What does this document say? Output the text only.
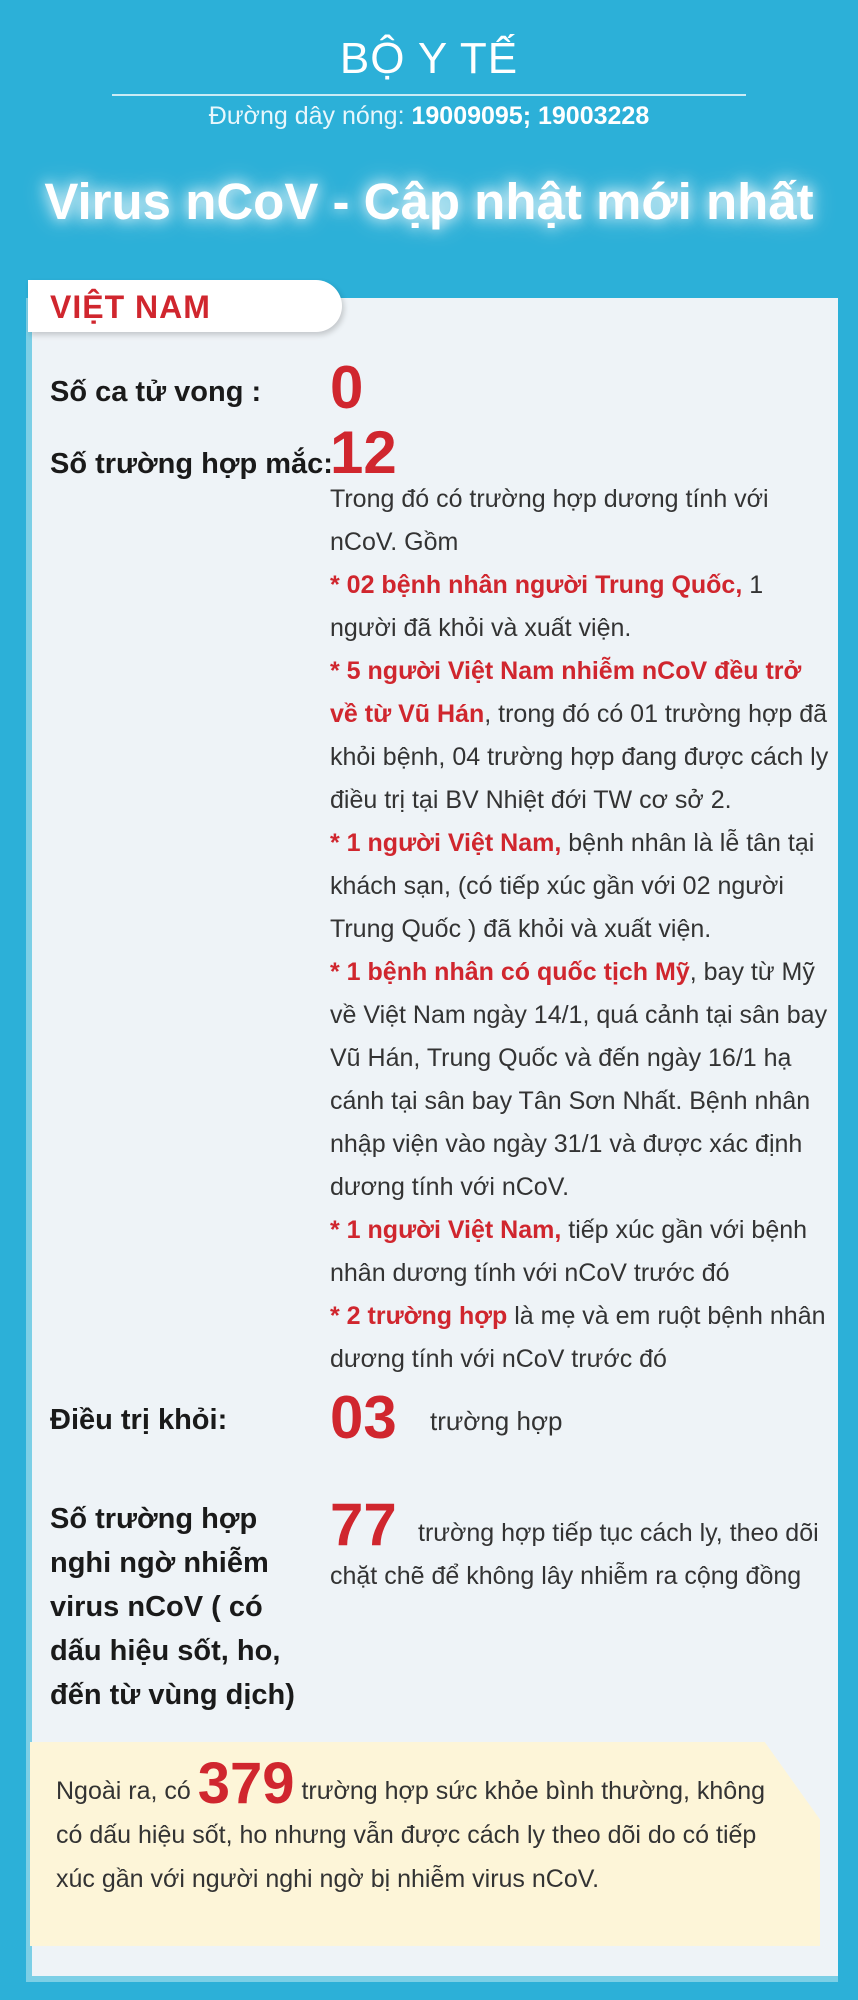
BỘ Y TẾ
Đường dây nóng: 19009095; 19003228
Virus nCoV - Cập nhật mới nhất
VIỆT NAM
Số ca tử vong : 0
Số trường hợp mắc:
12
Trong đó có trường hợp dương tính với nCoV. Gồm
* 02 bệnh nhân người Trung Quốc, 1 người đã khỏi và xuất viện.
* 5 người Việt Nam nhiễm nCoV đều trở về từ Vũ Hán, trong đó có 01 trường hợp đã khỏi bệnh, 04 trường hợp đang được cách ly điều trị tại BV Nhiệt đới TW cơ sở 2.
* 1 người Việt Nam, bệnh nhân là lễ tân tại khách sạn, (có tiếp xúc gần với 02 người Trung Quốc ) đã khỏi và xuất viện.
* 1 bệnh nhân có quốc tịch Mỹ, bay từ Mỹ về Việt Nam ngày 14/1, quá cảnh tại sân bay Vũ Hán, Trung Quốc và đến ngày 16/1 hạ cánh tại sân bay Tân Sơn Nhất. Bệnh nhân nhập viện vào ngày 31/1 và được xác định dương tính với nCoV.
* 1 người Việt Nam, tiếp xúc gần với bệnh nhân dương tính với nCoV trước đó
* 2 trường hợp là mẹ và em ruột bệnh nhân dương tính với nCoV trước đó
Điều trị khỏi: 03 trường hợp
Số trường hợp nghi ngờ nhiễm virus nCoV ( có dấu hiệu sốt, ho, đến từ vùng dịch)
77 trường hợp tiếp tục cách ly, theo dõi chặt chẽ để không lây nhiễm ra cộng đồng
Ngoài ra, có 379 trường hợp sức khỏe bình thường, không có dấu hiệu sốt, ho nhưng vẫn được cách ly theo dõi do có tiếp xúc gần với người nghi ngờ bị nhiễm virus nCoV.
